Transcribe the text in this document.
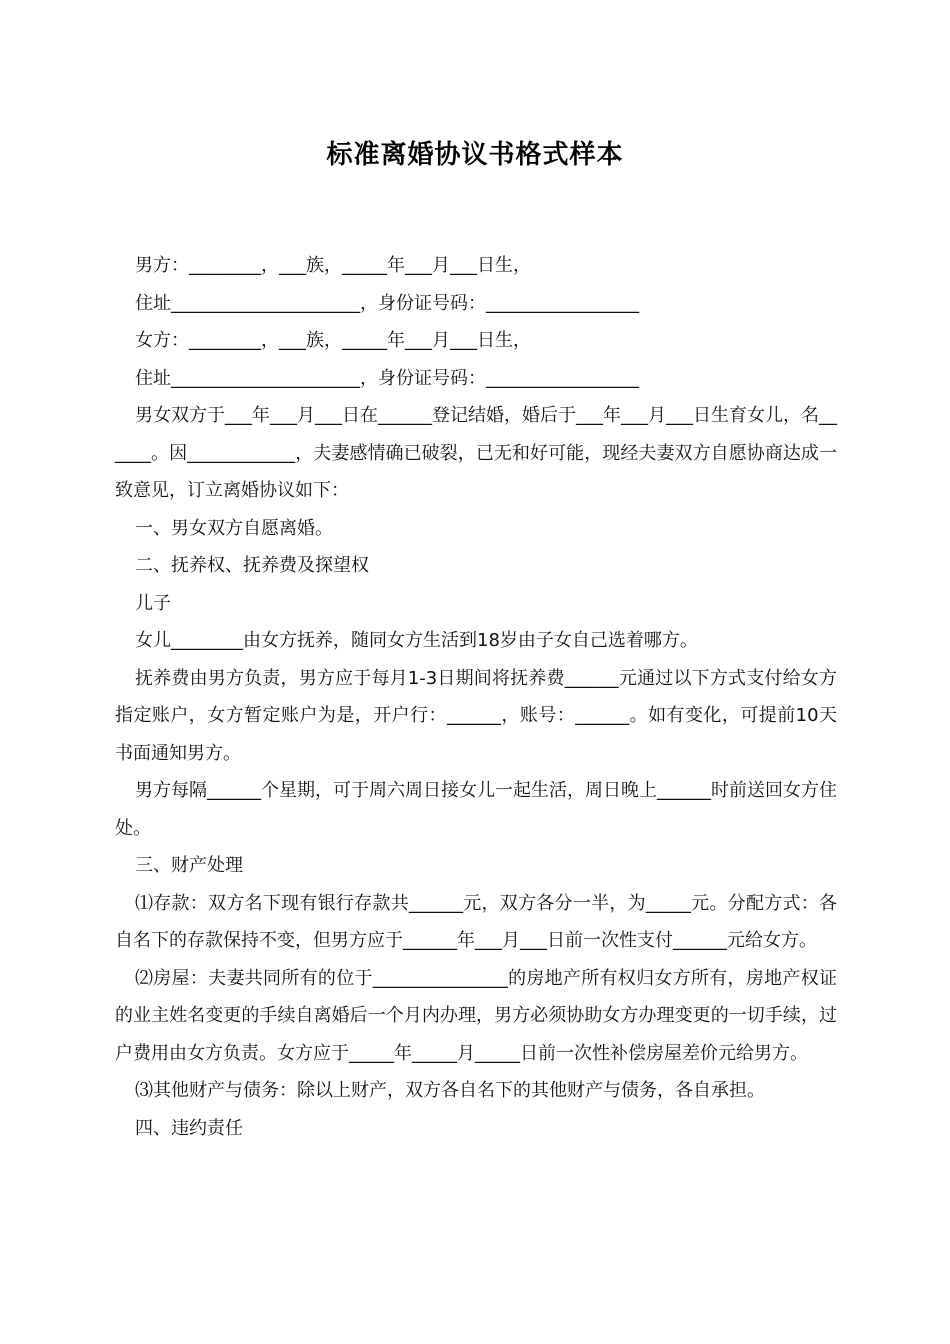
标准离婚协议书格式样本

男方：________，___族，_____年___月___日生，

住址_____________________，身份证号码：_________________

女方：________，___族，_____年___月___日生，

住址_____________________，身份证号码：_________________

男女双方于___年___月___日在______登记结婚，婚后于___年___月___日生育女儿，名______。因____________，夫妻感情确已破裂，已无和好可能，现经夫妻双方自愿协商达成一致意见，订立离婚协议如下：

一、男女双方自愿离婚。

二、抚养权、抚养费及探望权

儿子

女儿________由女方抚养，随同女方生活到18岁由子女自己选着哪方。

抚养费由男方负责，男方应于每月1-3日期间将抚养费______元通过以下方式支付给女方指定账户，女方暂定账户为是，开户行：______，账号：______。如有变化，可提前10天书面通知男方。

男方每隔______个星期，可于周六周日接女儿一起生活，周日晚上______时前送回女方住处。

三、财产处理

⑴存款：双方名下现有银行存款共______元，双方各分一半，为_____元。分配方式：各自名下的存款保持不变，但男方应于______年___月___日前一次性支付______元给女方。

⑵房屋：夫妻共同所有的位于_______________的房地产所有权归女方所有，房地产权证的业主姓名变更的手续自离婚后一个月内办理，男方必须协助女方办理变更的一切手续，过户费用由女方负责。女方应于_____年_____月_____日前一次性补偿房屋差价元给男方。

⑶其他财产与债务：除以上财产，双方各自名下的其他财产与债务，各自承担。

四、违约责任
